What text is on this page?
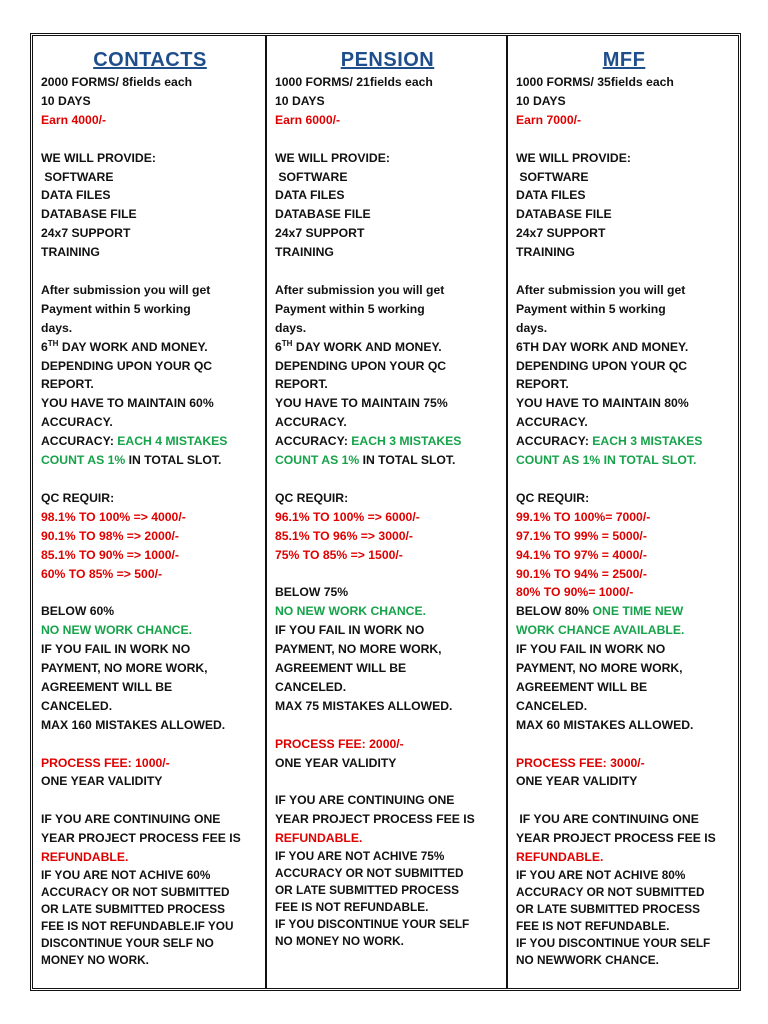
CONTACTS
2000 FORMS/ 8fields each
10 DAYS
Earn 4000/-
WE WILL PROVIDE:
SOFTWARE
DATA FILES
DATABASE FILE
24x7 SUPPORT
TRAINING
After submission you will get
Payment within 5 working
days.
6TH DAY WORK AND MONEY.
DEPENDING UPON YOUR QC
REPORT.
YOU HAVE TO MAINTAIN 60%
ACCURACY.
ACCURACY: EACH 4 MISTAKES
COUNT AS 1% IN TOTAL SLOT.
QC REQUIR:
98.1% TO 100% => 4000/-
90.1% TO 98% => 2000/-
85.1% TO 90% => 1000/-
60% TO 85% => 500/-
BELOW 60%
NO NEW WORK CHANCE.
IF YOU FAIL IN WORK NO
PAYMENT, NO MORE WORK,
AGREEMENT WILL BE
CANCELED.
MAX 160 MISTAKES ALLOWED.
PROCESS FEE: 1000/-
ONE YEAR VALIDITY
IF YOU ARE CONTINUING ONE
YEAR PROJECT PROCESS FEE IS
REFUNDABLE.
IF YOU ARE NOT ACHIVE 60%
ACCURACY OR NOT SUBMITTED
OR LATE SUBMITTED PROCESS
FEE IS NOT REFUNDABLE.IF YOU
DISCONTINUE YOUR SELF NO
MONEY NO WORK.
PENSION
1000 FORMS/ 21fields each
10 DAYS
Earn 6000/-
WE WILL PROVIDE:
SOFTWARE
DATA FILES
DATABASE FILE
24x7 SUPPORT
TRAINING
After submission you will get
Payment within 5 working
days.
6TH DAY WORK AND MONEY.
DEPENDING UPON YOUR QC
REPORT.
YOU HAVE TO MAINTAIN 75%
ACCURACY.
ACCURACY: EACH 3 MISTAKES
COUNT AS 1% IN TOTAL SLOT.
QC REQUIR:
96.1% TO 100% => 6000/-
85.1% TO 96% => 3000/-
75% TO 85% => 1500/-
BELOW 75%
NO NEW WORK CHANCE.
IF YOU FAIL IN WORK NO
PAYMENT, NO MORE WORK,
AGREEMENT WILL BE
CANCELED.
MAX 75 MISTAKES ALLOWED.
PROCESS FEE: 2000/-
ONE YEAR VALIDITY
IF YOU ARE CONTINUING ONE
YEAR PROJECT PROCESS FEE IS
REFUNDABLE.
IF YOU ARE NOT ACHIVE 75%
ACCURACY OR NOT SUBMITTED
OR LATE SUBMITTED PROCESS
FEE IS NOT REFUNDABLE.
IF YOU DISCONTINUE YOUR SELF
NO MONEY NO WORK.
MFF
1000 FORMS/ 35fields each
10 DAYS
Earn 7000/-
WE WILL PROVIDE:
SOFTWARE
DATA FILES
DATABASE FILE
24x7 SUPPORT
TRAINING
After submission you will get
Payment within 5 working
days.
6TH DAY WORK AND MONEY.
DEPENDING UPON YOUR QC
REPORT.
YOU HAVE TO MAINTAIN 80%
ACCURACY.
ACCURACY: EACH 3 MISTAKES
COUNT AS 1% IN TOTAL SLOT.
QC REQUIR:
99.1% TO 100%= 7000/-
97.1% TO 99% = 5000/-
94.1% TO 97% = 4000/-
90.1% TO 94% = 2500/-
80% TO 90%= 1000/-
BELOW 80% ONE TIME NEW
WORK CHANCE AVAILABLE.
IF YOU FAIL IN WORK NO
PAYMENT, NO MORE WORK,
AGREEMENT WILL BE
CANCELED.
MAX 60 MISTAKES ALLOWED.
PROCESS FEE: 3000/-
ONE YEAR VALIDITY
IF YOU ARE CONTINUING ONE
YEAR PROJECT PROCESS FEE IS
REFUNDABLE.
IF YOU ARE NOT ACHIVE 80%
ACCURACY OR NOT SUBMITTED
OR LATE SUBMITTED PROCESS
FEE IS NOT REFUNDABLE.
IF YOU DISCONTINUE YOUR SELF
NO NEWWORK CHANCE.
